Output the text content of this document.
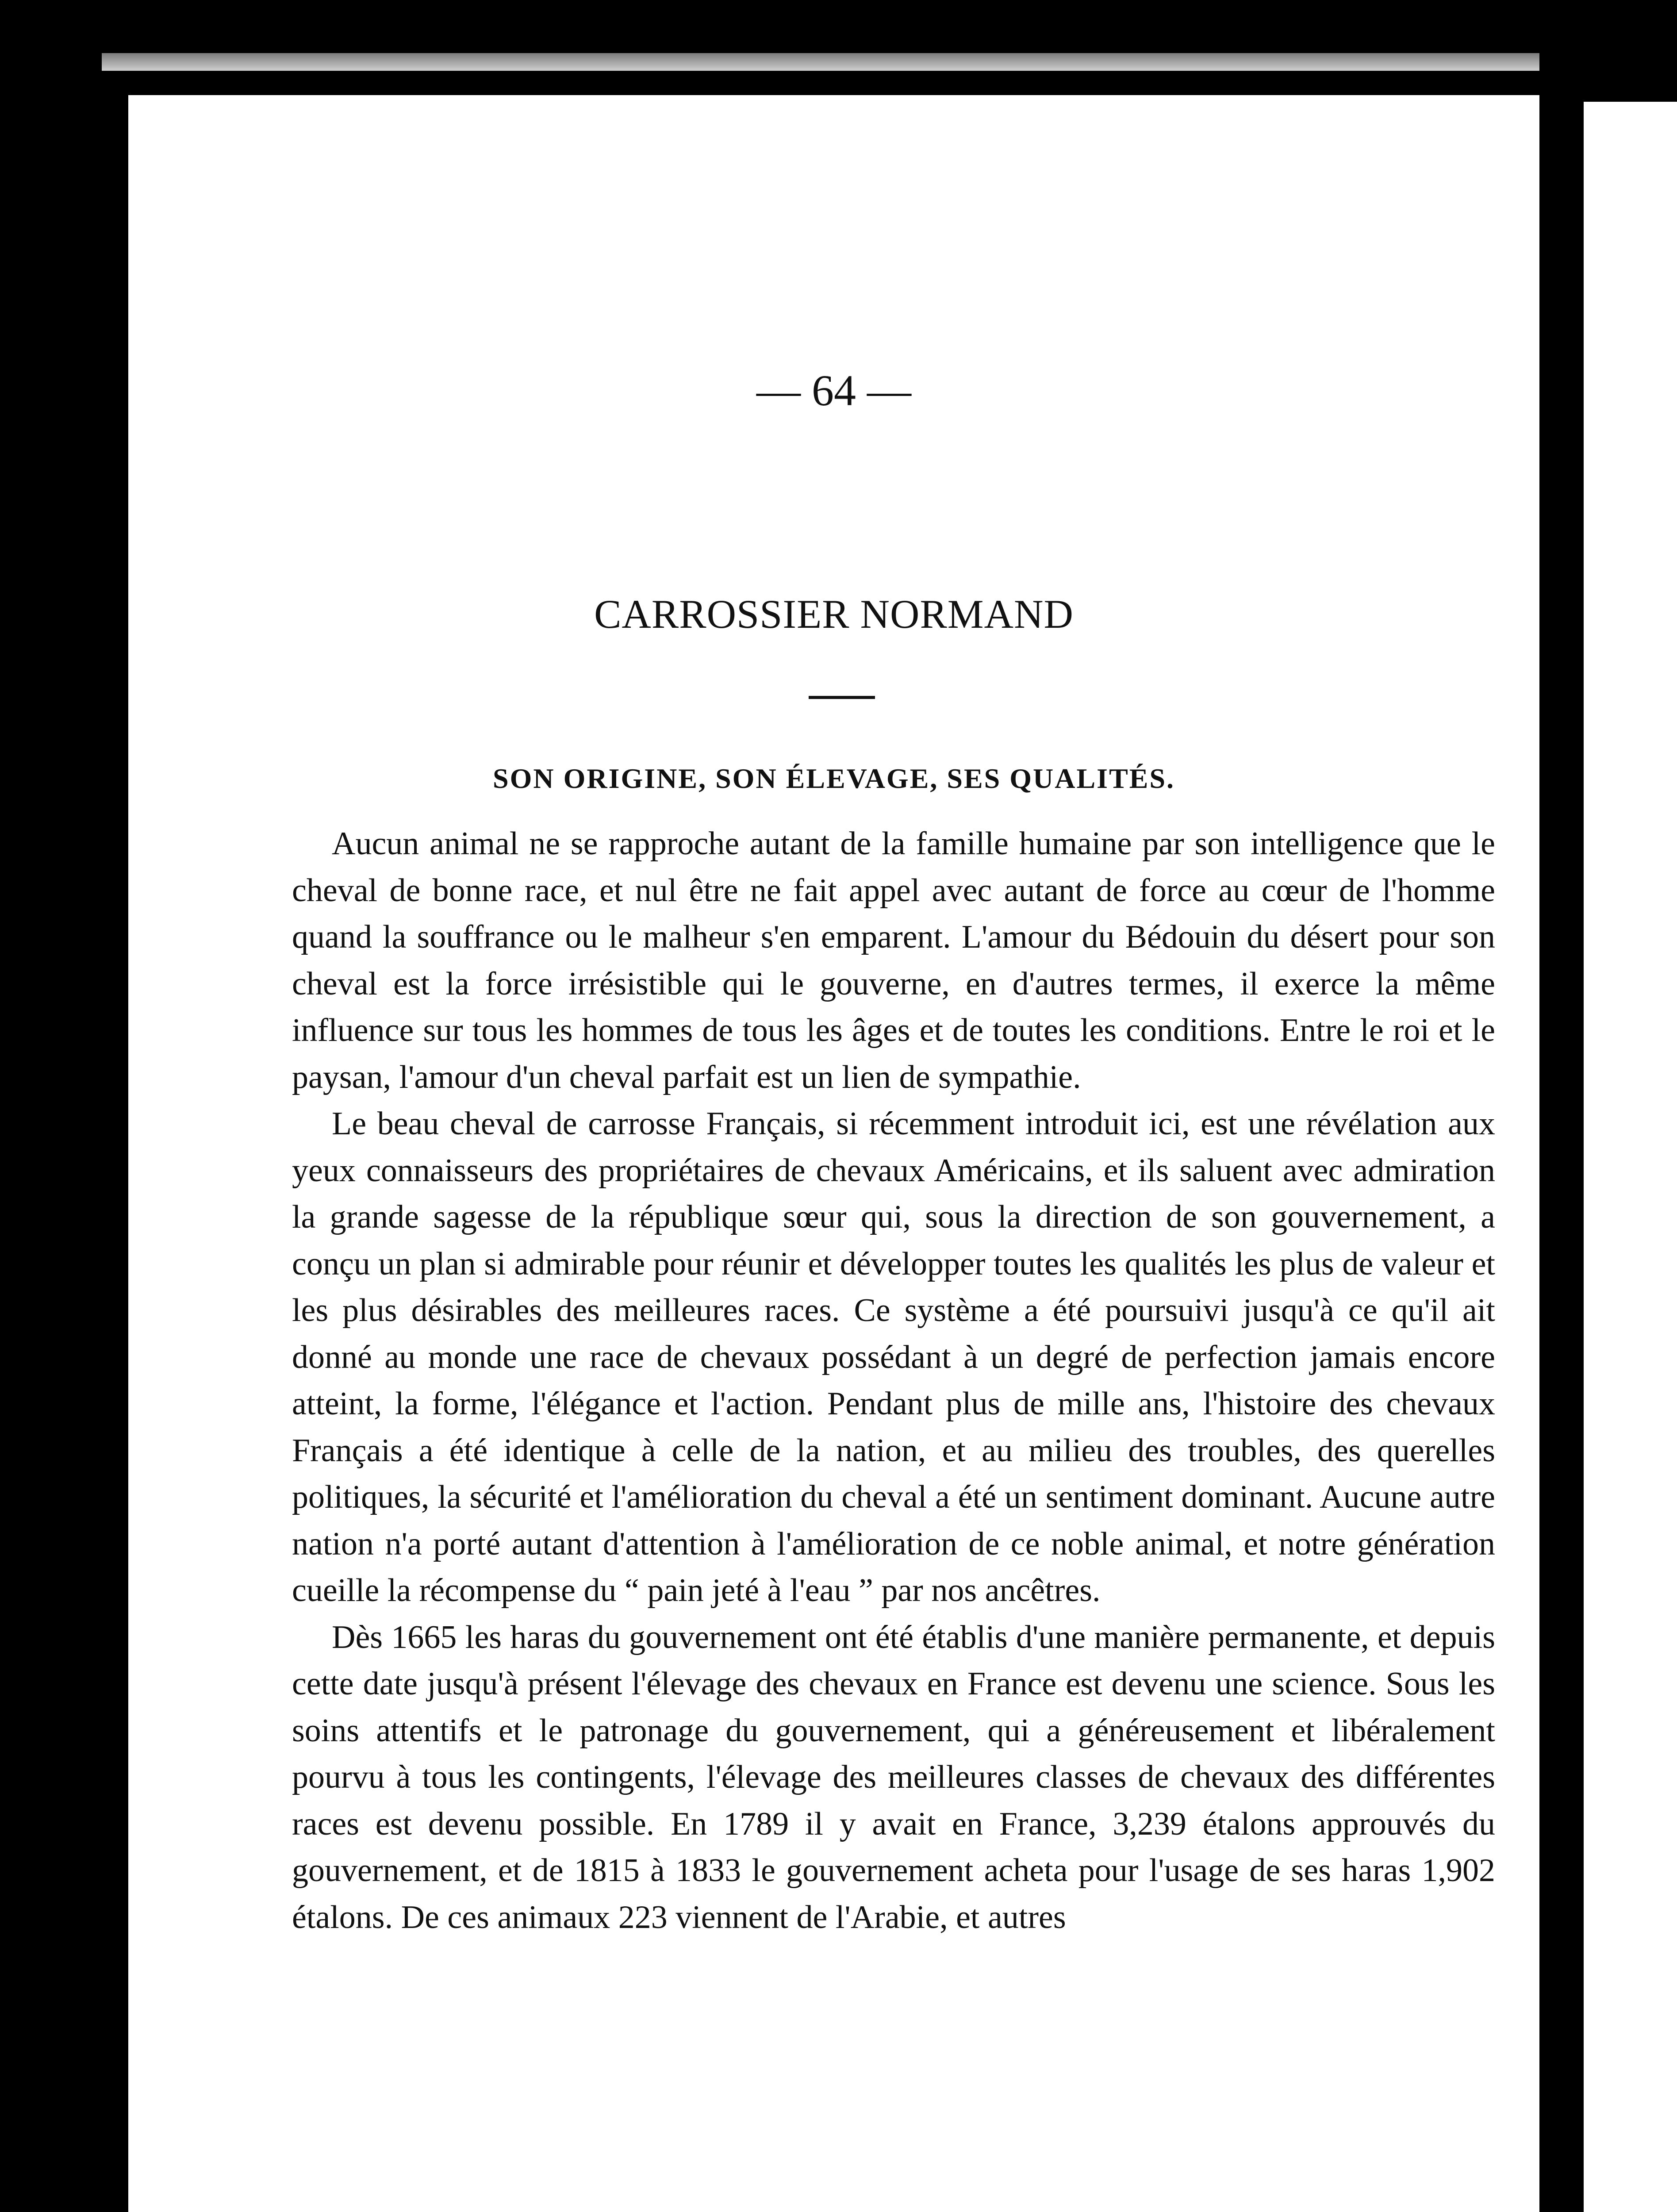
— 64 —
CARROSSIER NORMAND
SON ORIGINE, SON ÉLEVAGE, SES QUALITÉS.

Aucun animal ne se rapproche autant de la famille humaine par son intelligence que le cheval de bonne race, et nul être ne fait appel avec autant de force au cœur de l'homme quand la souffrance ou le malheur s'en emparent. L'amour du Bédouin du désert pour son cheval est la force irrésistible qui le gouverne, en d'autres termes, il exerce la même influence sur tous les hommes de tous les âges et de toutes les conditions. Entre le roi et le paysan, l'amour d'un cheval parfait est un lien de sympathie.

Le beau cheval de carrosse Français, si récemment introduit ici, est une révélation aux yeux connaisseurs des propriétaires de chevaux Américains, et ils saluent avec admiration la grande sagesse de la république sœur qui, sous la direction de son gouvernement, a conçu un plan si admirable pour réunir et développer toutes les qualités les plus de valeur et les plus désirables des meilleures races. Ce système a été poursuivi jusqu'à ce qu'il ait donné au monde une race de chevaux possédant à un degré de perfection jamais encore atteint, la forme, l'élégance et l'action. Pendant plus de mille ans, l'histoire des chevaux Français a été identique à celle de la nation, et au milieu des troubles, des querelles politiques, la sécurité et l'amélioration du cheval a été un sentiment dominant. Aucune autre nation n'a porté autant d'attention à l'amélioration de ce noble animal, et notre génération cueille la récompense du “ pain jeté à l'eau ” par nos ancêtres.

Dès 1665 les haras du gouvernement ont été établis d'une manière permanente, et depuis cette date jusqu'à présent l'élevage des chevaux en France est devenu une science. Sous les soins attentifs et le patronage du gouvernement, qui a généreusement et libéralement pourvu à tous les contingents, l'élevage des meilleures classes de chevaux des différentes races est devenu possible. En 1789 il y avait en France, 3,239 étalons approuvés du gouvernement, et de 1815 à 1833 le gouvernement acheta pour l'usage de ses haras 1,902 étalons. De ces animaux 223 viennent de l'Arabie, et autres
